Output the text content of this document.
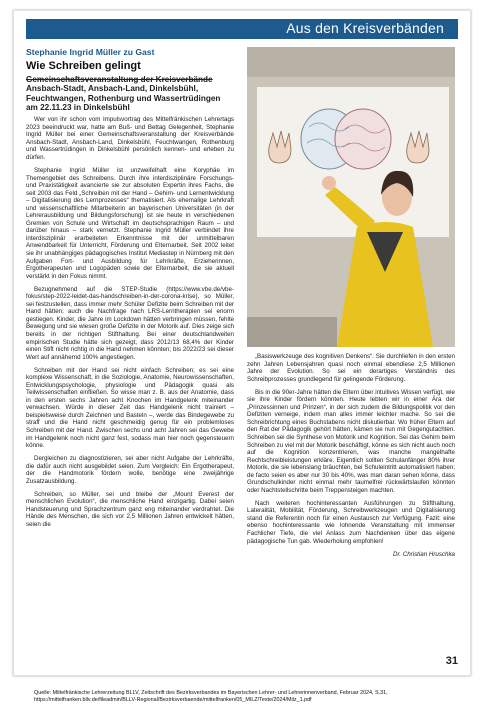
Aus den Kreisverbänden
Stephanie Ingrid Müller zu Gast
Wie Schreiben gelingt
Gemeinschaftsveranstaltung der Kreisverbände
Ansbach-Stadt, Ansbach-Land, Dinkelsbühl, Feuchtwangen, Rothenburg und Wassertrüdingen am 22.11.23 in Dinkelsbühl

Wer von ihr schon vom Impulsvortrag des Mittelfränkischen Lehrertags 2023 beeindruckt war, hatte am Buß- und Bettag Gelegenheit, Stephanie Ingrid Müller bei einer Gemeinschaftsveranstaltung der Kreisverbände Ansbach-Stadt, Ansbach-Land, Dinkelsbühl, Feuchtwangen, Rothenburg und Wassertrüdingen in Dinkelsbühl persönlich kennen- und erleben zu dürfen.

Stephanie Ingrid Müller ist unzweifelhaft eine Koryphäe im Themengebiet des Schreibens. Durch ihre interdisziplinäre Forschungs- und Praxistätigkeit avancierte sie zur absoluten Expertin ihres Fachs, die seit 2003 das Feld „Schreiben mit der Hand – Gehirn- und Lernentwicklung – Digitalisierung des Lernprozesses“ thematisiert. Als ehemalige Lehrkraft und wissenschaftliche Mitarbeiterin an bayerischen Universitäten (in der Lehrerausbildung und Bildungsforschung) ist sie heute in verschiedenen Gremien von Schule und Wirtschaft im deutschsprachigen Raum – und darüber hinaus – stark vernetzt. Stephanie Ingrid Müller verbindet ihre interdisziplinär erarbeiteten Erkenntnisse mit der unmittelbaren Anwendbarkeit für Unterricht, Förderung und Elternarbeit. Seit 2002 leitet sie ihr unabhängiges pädagogisches Institut Mediastep in Nürnberg mit den Aufgaben Fort- und Ausbildung für Lehrkräfte, Erzieherinnen, Ergotherapeuten und Logopäden sowie der Elternarbeit, die sie aktuell verstärkt in den Fokus nimmt.

Bezugnehmend auf die STEP-Studie (https://www.vbe.de/vbe-fokus/step-2022-leidet-das-handschreiben-in-der-corona-krise), so Müller, sei festzustellen, dass immer mehr Schüler Defizite beim Schreiben mit der Hand hätten; auch die Nachfrage nach LRS-Lerntherapien sei enorm gestiegen. Kinder, die Jahre im Lockdown hätten verbringen müssen, fehlte Bewegung und sie wiesen große Defizite in der Motorik auf. Dies zeige sich bereits in der richtigen Stifthaltung. Bei einer deutschlandweiten empirischen Studie hätte sich gezeigt, dass 2012/13 68,4% der Kinder einen Stift nicht richtig in die Hand nehmen könnten; bis 2022/23 sei dieser Wert auf annähernd 100% angestiegen.

Schreiben mit der Hand sei nicht einfach Schreiben; es sei eine komplexe Wissenschaft, in die Soziologie, Anatomie, Neurowissenschaften, Entwicklungspsychologie, physiologie und Pädagogik quasi als Teilwissenschaften einfließen. So wisse man z. B. aus der Anatomie, dass in den ersten sechs Jahren acht Knochen im Handgelenk miteinander verwachsen. Würde in dieser Zeit das Handgelenk nicht trainiert – beispielsweise durch Zeichnen und Basteln –, werde das Bindegewebe zu straff und die Hand nicht geschmeidig genug für ein problemloses Schreiben mit der Hand. Zwischen sechs und acht Jahren sei das Gewebe im Handgelenk noch nicht ganz fest, sodass man hier noch gegensteuern könne.

Dergleichen zu diagnostizieren, sei aber nicht Aufgabe der Lehrkräfte, die dafür auch nicht ausgebildet seien. Zum Vergleich: Ein Ergotherapeut, der die Handmotorik fördern wolle, benötige eine zweijährige Zusatzausbildung.

Schreiben, so Müller, sei und bleibe der „Mount Everest der menschlichen Evolution“, die menschliche Hand einzigartig. Dabei seien Handsteuerung und Sprachzentrum ganz eng miteinander verdrahtet. Die Hände des Menschen, die sich vor 2,5 Millionen Jahren entwickelt hätten, seien die

„Basiswerkzeuge des kognitiven Denkens“. Sie durchliefen in den ersten zehn Jahren Lebensjahren quasi noch einmal ebendiese 2,5 Millionen Jahre der Evolution. So sei ein derartiges Verständnis des Schreibprozesses grundlegend für gelingende Förderung.

Bis in die 90er-Jahre hätten die Eltern über intuitives Wissen verfügt, wie sie ihre Kinder fördern könnten. Heute lebten wir in einer Ära der „Prinzessinnen und Prinzen“, in der sich zudem die Bildungspolitik vor den Defiziten verneige, indem man alles immer leichter mache. So sei die Schreibrichtung eines Buchstabens nicht diskutierbar. Wo früher Eltern auf den Rat der Pädagogik gehört hätten, kämen sie nun mit Gegengutachten. Schreiben sei die Synthese von Motorik und Kognition. Sei das Gehirn beim Schreiben zu viel mit der Motorik beschäftigt, könne es sich nicht auch noch auf die Kognition konzentrieren, was manche mangelhafte Rechtschreibleistungen erkläre. Eigentlich sollten Schulanfänger 80% ihrer Motorik, die sie lebenslang bräuchten, bei Schuleintritt automatisiert haben; de facto seien es aber nur 30 bis 40%, was man daran sehen könne, dass Grundschulkinder nicht einmal mehr taumelfrei rückwärtslaufen könnten oder Nachtstellschritte beim Treppensteigen machten.

Nach weiteren hochinteressanten Ausführungen zu Stifthaltung, Lateralität, Mobilität, Förderung, Schreibwerkzeugen und Digitalisierung stand die Referentin noch für einen Austausch zur Verfügung. Fazit: eine ebenso hochinteressante wie lohnende Veranstaltung mit immenser Fachlicher Tiefe, die viel Anlass zum Nachdenken über das eigene pädagogische Tun gab. Wiederholung empfohlen!

Dr. Christian Hruschka
31

Quelle: Mittelfränkische Lehrerzeitung BLLV, Zeitschrift des Bezirksverbandes im Bayerischen Lehrer- und Lehrerinnenverband, Februar 2024, S.31,

https://mittelfranken.bllv.de/fileadmin/BLLV-Regional/Bezirksverbaende/mittelfranken/05_MILZ/Texte/2024/Milz_1.pdf
